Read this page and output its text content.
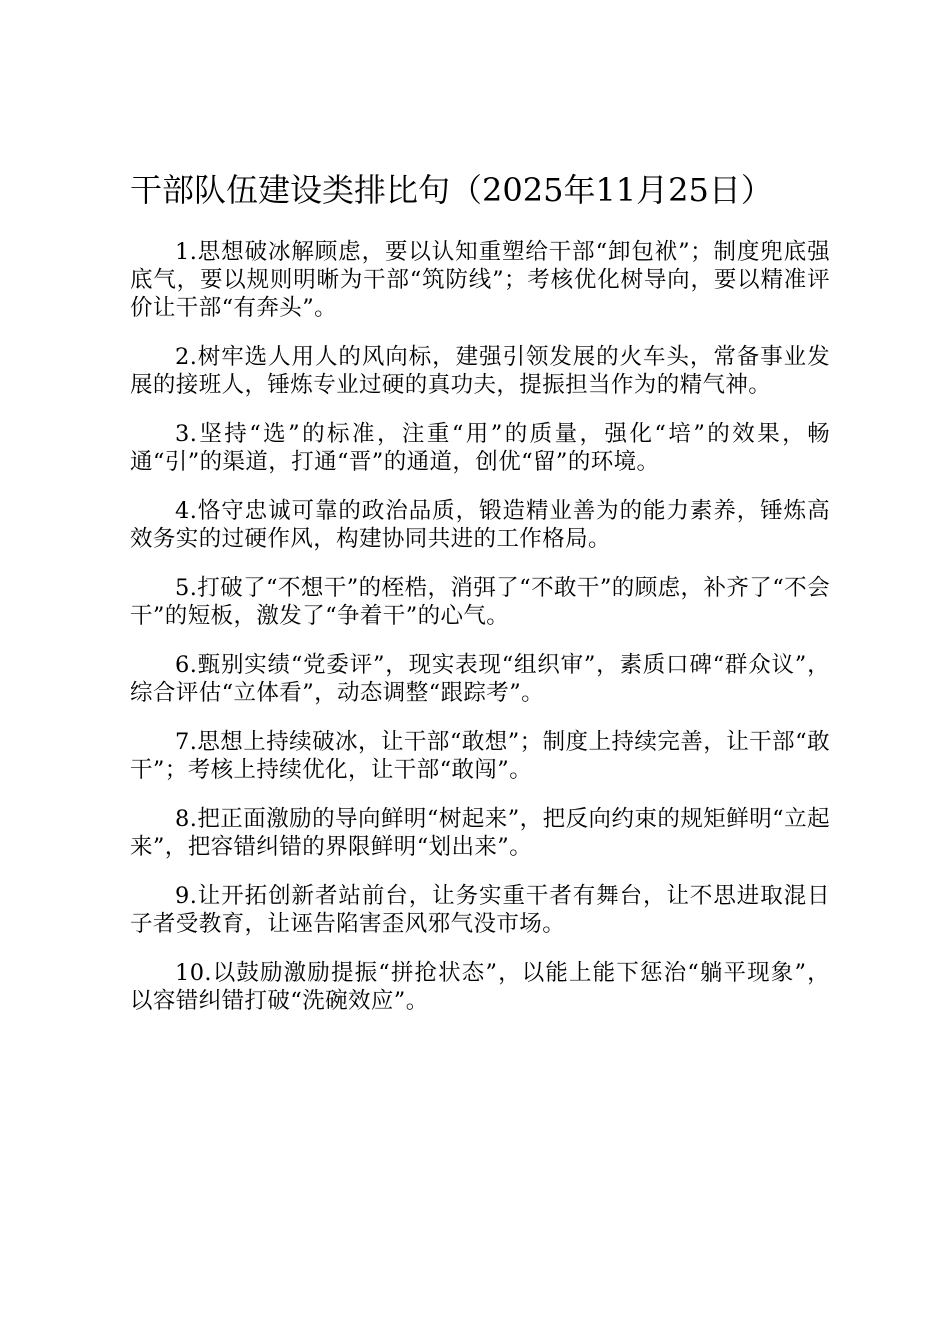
干部队伍建设类排比句（2025年11月25日）

1.思想破冰解顾虑，要以认知重塑给干部“卸包袱”；制度兜底强底气，要以规则明晰为干部“筑防线”；考核优化树导向，要以精准评价让干部“有奔头”。

2.树牢选人用人的风向标，建强引领发展的火车头，常备事业发展的接班人，锤炼专业过硬的真功夫，提振担当作为的精气神。

3.坚持“选”的标准，注重“用”的质量，强化“培”的效果，畅通“引”的渠道，打通“晋”的通道，创优“留”的环境。

4.恪守忠诚可靠的政治品质，锻造精业善为的能力素养，锤炼高效务实的过硬作风，构建协同共进的工作格局。

5.打破了“不想干”的桎梏，消弭了“不敢干”的顾虑，补齐了“不会干”的短板，激发了“争着干”的心气。

6.甄别实绩“党委评”，现实表现“组织审”，素质口碑“群众议”，综合评估“立体看”，动态调整“跟踪考”。

7.思想上持续破冰，让干部“敢想”；制度上持续完善，让干部“敢干”；考核上持续优化，让干部“敢闯”。

8.把正面激励的导向鲜明“树起来”，把反向约束的规矩鲜明“立起来”，把容错纠错的界限鲜明“划出来”。

9.让开拓创新者站前台，让务实重干者有舞台，让不思进取混日子者受教育，让诬告陷害歪风邪气没市场。

10.以鼓励激励提振“拼抢状态”，以能上能下惩治“躺平现象”，以容错纠错打破“洗碗效应”。
